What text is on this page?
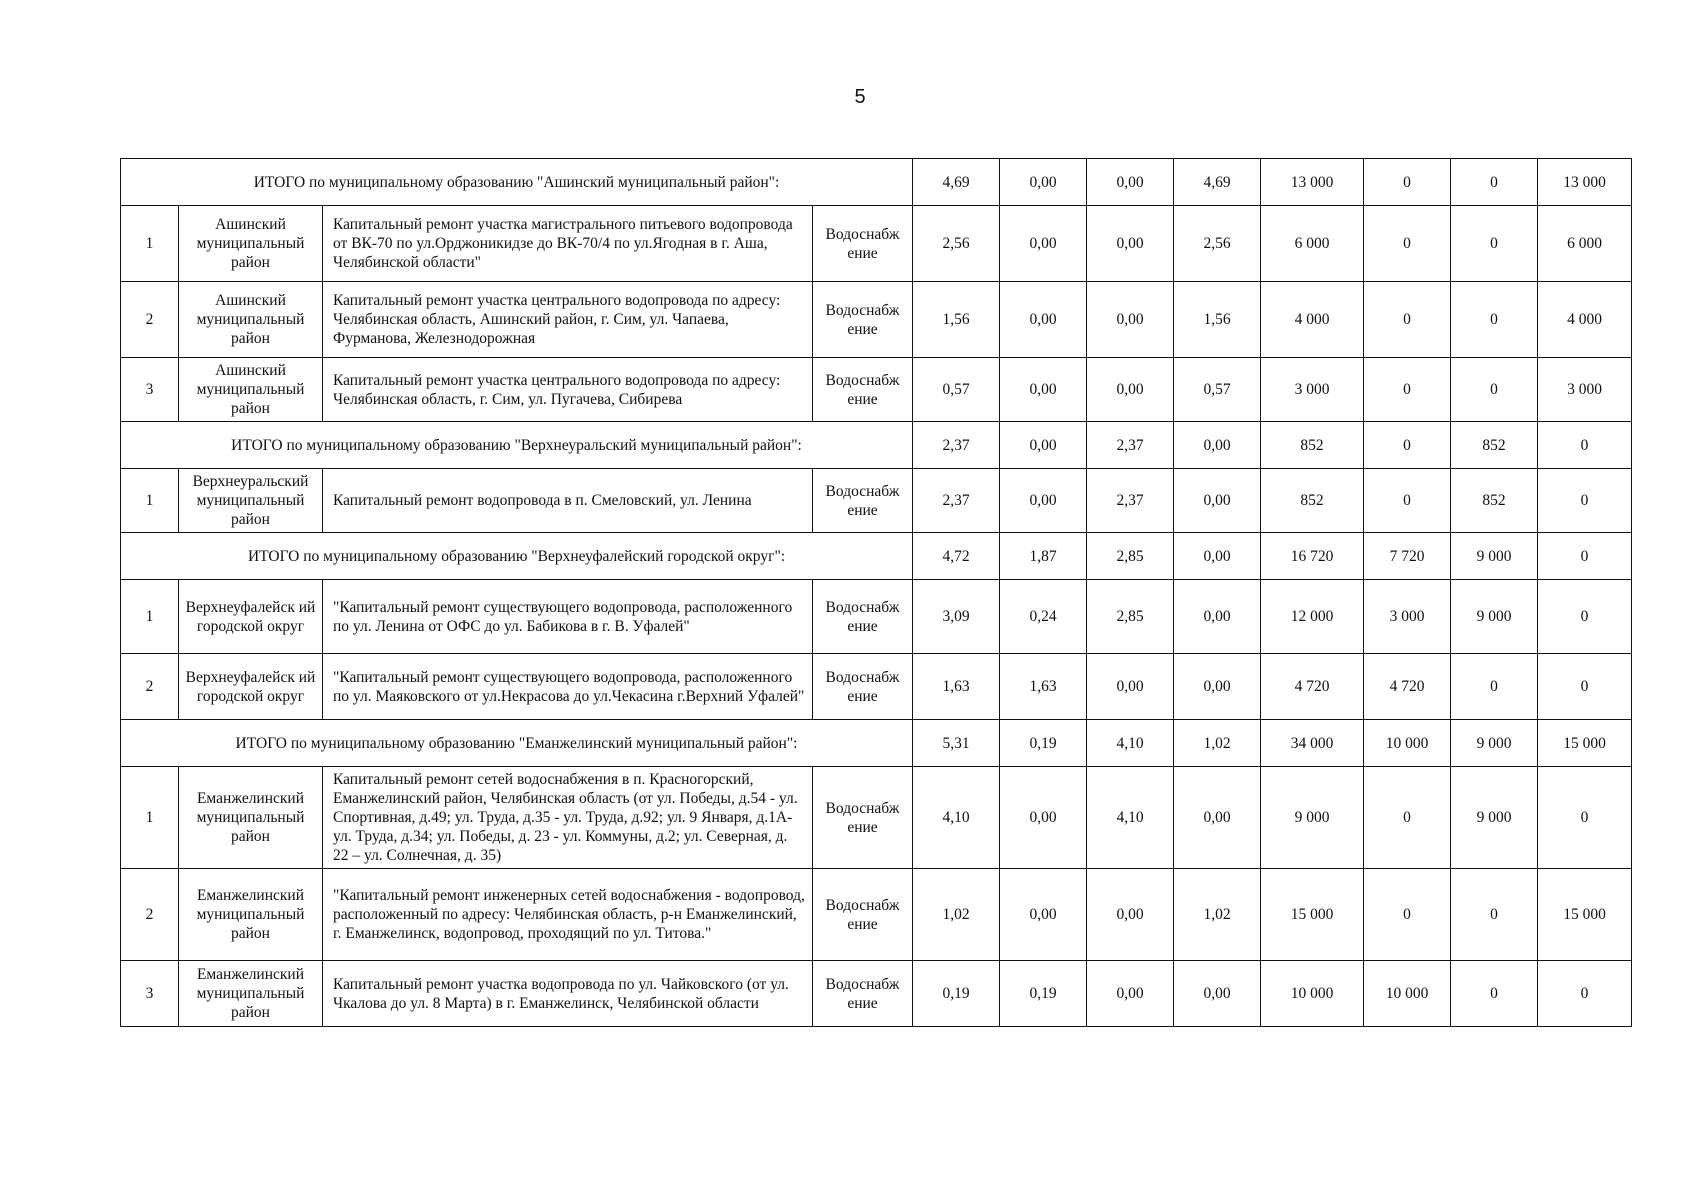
5
ИТОГО по муниципальному образованию "Ашинский муниципальный район":				4,69	0,00	0,00	4,69	13 000	0	0	13 000
1	Ашинский муниципальный район	Капитальный ремонт участка магистрального питьевого водопровода от ВК-70 по ул.Орджоникидзе до ВК-70/4 по ул.Ягодная в г. Аша, Челябинской области"	Водоснабж ение	2,56	0,00	0,00	2,56	6 000	0	0	6 000
2	Ашинский муниципальный район	Капитальный ремонт участка центрального водопровода по адресу: Челябинская область, Ашинский район, г. Сим, ул. Чапаева, Фурманова, Железнодорожная	Водоснабж ение	1,56	0,00	0,00	1,56	4 000	0	0	4 000
3	Ашинский муниципальный район	Капитальный ремонт участка центрального водопровода по адресу: Челябинская область, г. Сим, ул. Пугачева, Сибирева	Водоснабж ение	0,57	0,00	0,00	0,57	3 000	0	0	3 000
ИТОГО по муниципальному образованию "Верхнеуральский муниципальный район":				2,37	0,00	2,37	0,00	852	0	852	0
1	Верхнеуральский муниципальный район	Капитальный ремонт водопровода в п. Смеловский, ул. Ленина	Водоснабж ение	2,37	0,00	2,37	0,00	852	0	852	0
ИТОГО по муниципальному образованию "Верхнеуфалейский городской округ":				4,72	1,87	2,85	0,00	16 720	7 720	9 000	0
1	Верхнеуфалейск ий городской округ	"Капитальный ремонт существующего водопровода, расположенного по ул. Ленина от ОФС до ул. Бабикова в г. В. Уфалей"	Водоснабж ение	3,09	0,24	2,85	0,00	12 000	3 000	9 000	0
2	Верхнеуфалейск ий городской округ	"Капитальный ремонт существующего водопровода, расположенного по ул. Маяковского от ул.Некрасова до ул.Чекасина г.Верхний Уфалей"	Водоснабж ение	1,63	1,63	0,00	0,00	4 720	4 720	0	0
ИТОГО по муниципальному образованию "Еманжелинский муниципальный район":				5,31	0,19	4,10	1,02	34 000	10 000	9 000	15 000
1	Еманжелинский муниципальный район	Капитальный ремонт сетей водоснабжения в п. Красногорский, Еманжелинский район, Челябинская область (от ул. Победы, д.54 - ул. Спортивная, д.49; ул. Труда, д.35 - ул. Труда, д.92; ул. 9 Января, д.1А-ул. Труда, д.34; ул. Победы, д. 23 - ул. Коммуны, д.2; ул. Северная, д. 22 – ул. Солнечная, д. 35)	Водоснабж ение	4,10	0,00	4,10	0,00	9 000	0	9 000	0
2	Еманжелинский муниципальный район	"Капитальный ремонт инженерных сетей водоснабжения - водопровод, расположенный по адресу: Челябинская область, р-н Еманжелинский, г. Еманжелинск, водопровод, проходящий по ул. Титова."	Водоснабж ение	1,02	0,00	0,00	1,02	15 000	0	0	15 000
3	Еманжелинский муниципальный район	Капитальный ремонт участка водопровода по ул. Чайковского (от ул. Чкалова до ул. 8 Марта) в г. Еманжелинск, Челябинской области	Водоснабж ение	0,19	0,19	0,00	0,00	10 000	10 000	0	0
